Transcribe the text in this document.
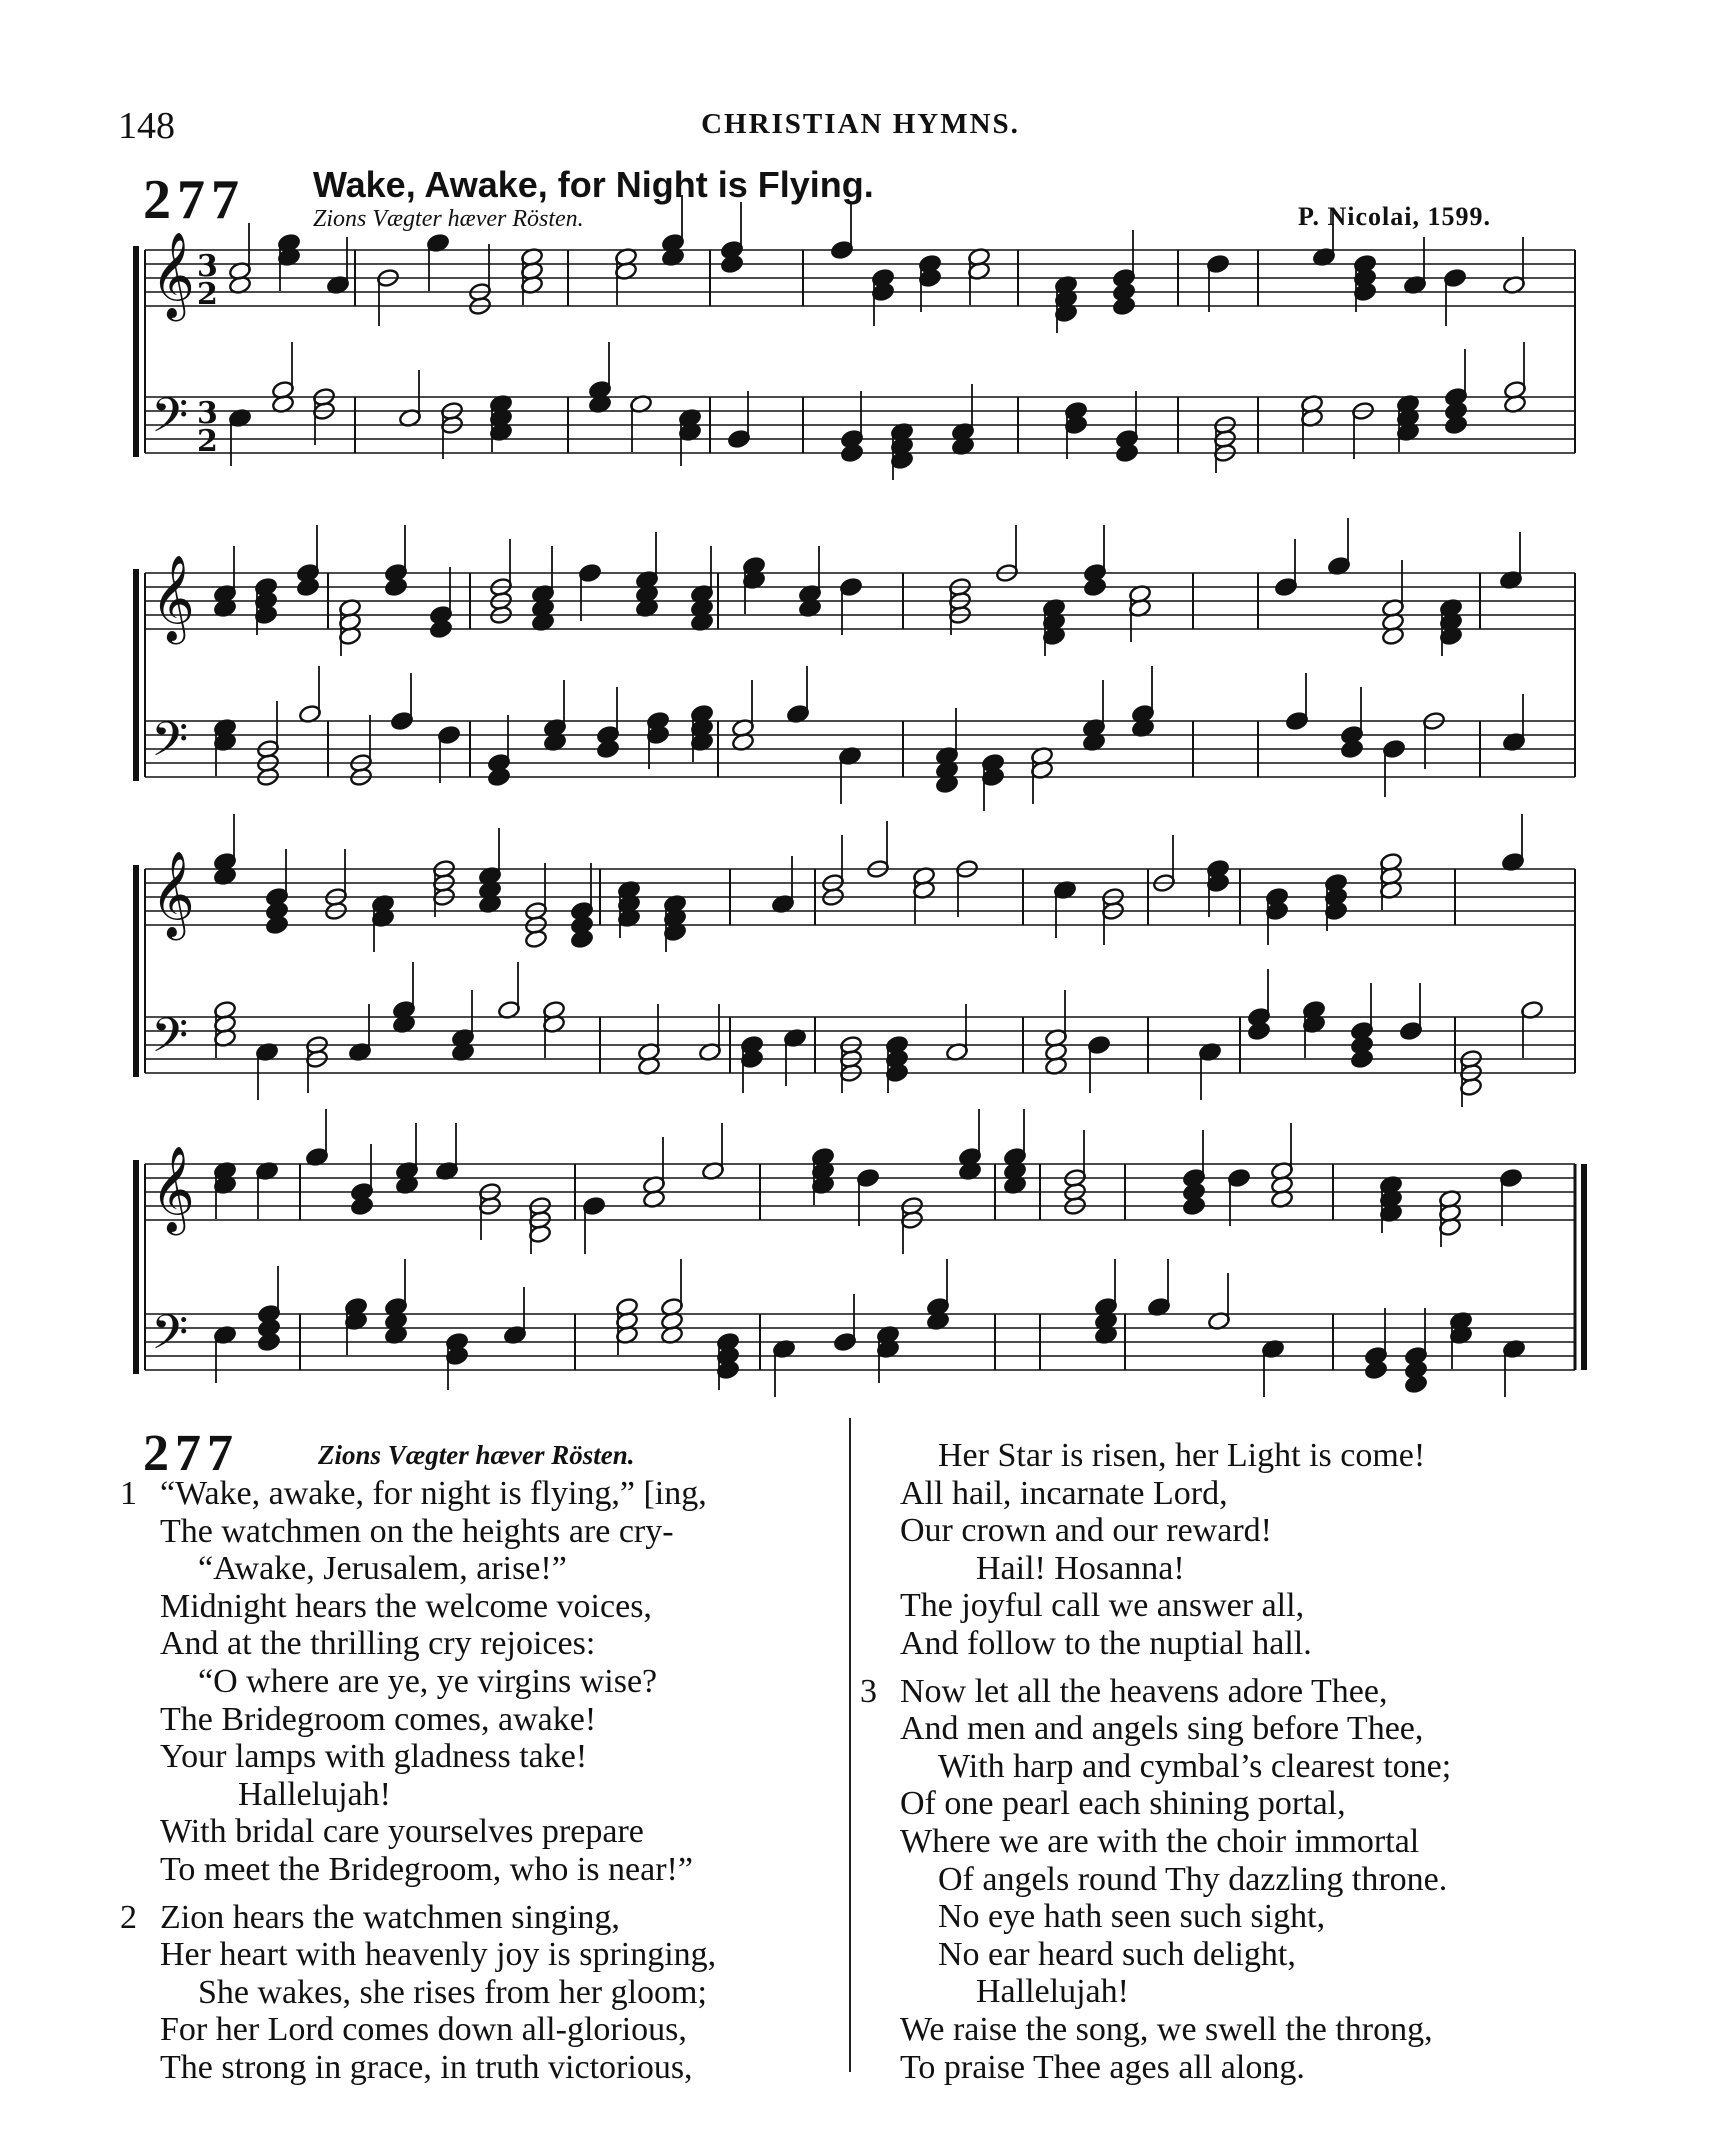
148	CHRISTIAN HYMNS.
277 Wake, Awake, for Night is Flying.
Zions Vægter hæver Rösten.	P. Nicolai, 1599.
𝄞 3
2
𝄢 3
2
𝄞
𝄢
𝄞
𝄢
𝄞
𝄢
277	Zions Vægter hæver Rösten.
1 “Wake, awake, for night is flying,” [ing,
The watchmen on the heights are cry-
“Awake, Jerusalem, arise!”
Midnight hears the welcome voices,
And at the thrilling cry rejoices:
“O where are ye, ye virgins wise?
The Bridegroom comes, awake!
Your lamps with gladness take!
Hallelujah!
With bridal care yourselves prepare
To meet the Bridegroom, who is near!”
2 Zion hears the watchmen singing,
Her heart with heavenly joy is springing,
She wakes, she rises from her gloom;
For her Lord comes down all-glorious,
The strong in grace, in truth victorious,
Her Star is risen, her Light is come!
All hail, incarnate Lord,
Our crown and our reward!
Hail! Hosanna!
The joyful call we answer all,
And follow to the nuptial hall.
3 Now let all the heavens adore Thee,
And men and angels sing before Thee,
With harp and cymbal’s clearest tone;
Of one pearl each shining portal,
Where we are with the choir immortal
Of angels round Thy dazzling throne.
No eye hath seen such sight,
No ear heard such delight,
Hallelujah!
We raise the song, we swell the throng,
To praise Thee ages all along.
